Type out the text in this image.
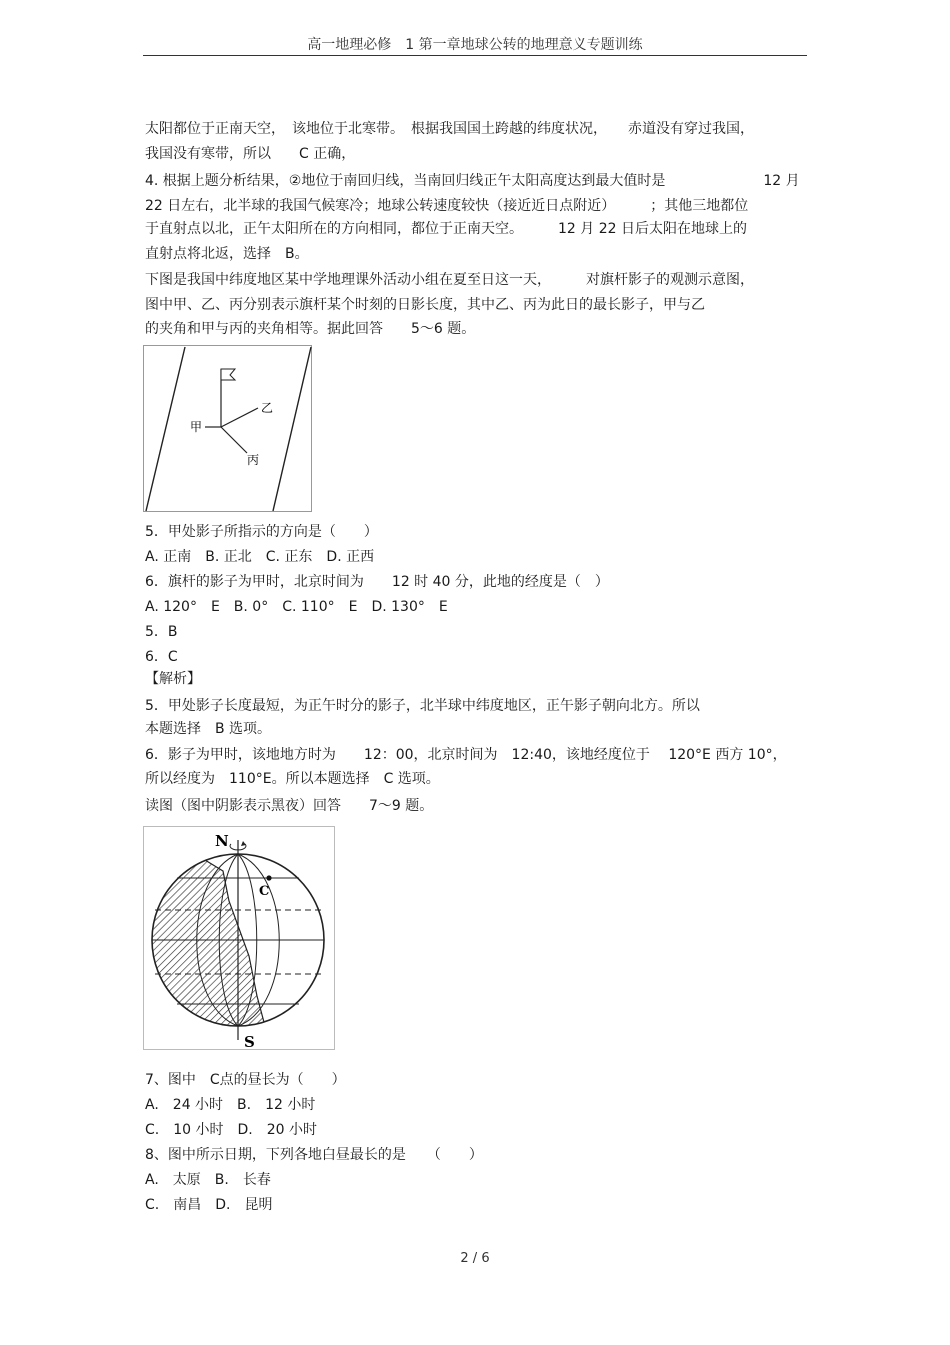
高一地理必修　1 第一章地球公转的地理意义专题训练
太阳都位于正南天空，　该地位于北寒带。　根据我国国土跨越的纬度状况，　　赤道没有穿过我国，
我国没有寒带，所以　　C 正确，
4. 根据上题分析结果，②地位于南回归线，当南回归线正午太阳高度达到最大值时是　　　　　　　12 月
22 日左右，北半球的我国气候寒冷；地球公转速度较快（接近近日点附近）　　　；其他三地都位
于直射点以北，正午太阳所在的方向相同，都位于正南天空。　　　12 月 22 日后太阳在地球上的
直射点将北返，选择　B。
下图是我国中纬度地区某中学地理课外活动小组在夏至日这一天，　　　对旗杆影子的观测示意图，
图中甲、乙、丙分别表示旗杆某个时刻的日影长度，其中乙、丙为此日的最长影子，甲与乙
的夹角和甲与丙的夹角相等。据此回答　　5～6 题。
甲
乙
丙
5．甲处影子所指示的方向是（　　）
A. 正南　B. 正北　C. 正东　D. 正西
6．旗杆的影子为甲时，北京时间为　　12 时 40 分，此地的经度是（　）
A. 120°　E　B. 0°　C. 110°　E　D. 130°　E
5．B
6．C
【解析】
5．甲处影子长度最短，为正午时分的影子，北半球中纬度地区，正午影子朝向北方。所以
本题选择　B 选项。
6．影子为甲时，该地地方时为　　12：00，北京时间为　12:40，该地经度位于　 120°E 西方 10°，
所以经度为　110°E。所以本题选择　C 选项。
读图（图中阴影表示黑夜）回答　　7～9 题。
N
C
S
7、图中　C点的昼长为（　　）
A.　24 小时　B.　12 小时
C.　10 小时　D.　20 小时
8、图中所示日期，下列各地白昼最长的是　　（　　）
A.　太原　B.　长春
C.　南昌　D.　昆明
2 / 6
